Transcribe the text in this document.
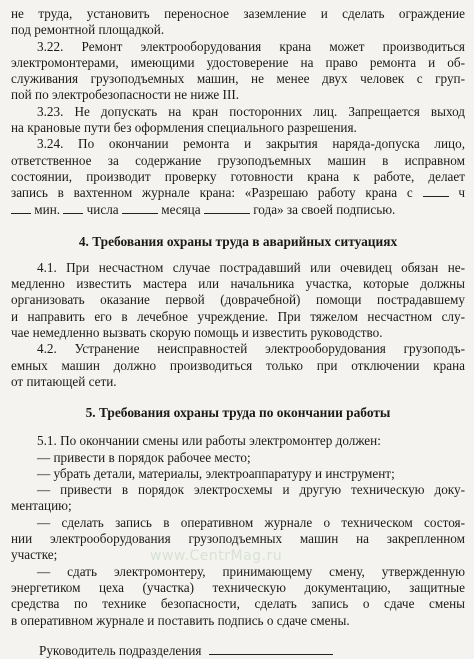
не труда, установить переносное заземление и сделать ограждение
под ремонтной площадкой.
3.22. Ремонт электрооборудования крана может производиться
электромонтерами, имеющими удостоверение на право ремонта и об-
служивания грузоподъемных машин, не менее двух человек с груп-
пой по электробезопасности не ниже III.
3.23. Не допускать на кран посторонних лиц. Запрещается выход
на крановые пути без оформления специального разрешения.
3.24. По окончании ремонта и закрытия наряда-допуска лицо,
ответственное за содержание грузоподъемных машин в исправном
состоянии, производит проверку готовности крана к работе, делает
запись в вахтенном журнале крана: «Разрешаю работу крана с	ч
мин. числа	месяца	года» за своей подписью.
4. Требования охраны труда в аварийных ситуациях
4.1. При несчастном случае пострадавший или очевидец обязан не-
медленно известить мастера или начальника участка, которые должны
организовать оказание первой (доврачебной) помощи пострадавшему
и направить его в лечебное учреждение. При тяжелом несчастном слу-
чае немедленно вызвать скорую помощь и известить руководство.
4.2. Устранение неисправностей электрооборудования грузоподъ-
емных машин должно производиться только при отключении крана
от питающей сети.
5. Требования охраны труда по окончании работы
5.1. По окончании смены или работы электромонтер должен:
— привести в порядок рабочее место;
— убрать детали, материалы, электроаппаратуру и инструмент;
— привести в порядок электросхемы и другую техническую доку-
ментацию;
— сделать запись в оперативном журнале о техническом состоя-
нии электрооборудования грузоподъемных машин на закрепленном
участке;
— сдать электромонтеру, принимающему смену, утвержденную
энергетиком цеха (участка) техническую документацию, защитные
средства по технике безопасности, сделать запись о сдаче смены
в оперативном журнале и поставить подпись о сдаче смены.
Руководитель подразделения
www.CentrMag.ru
